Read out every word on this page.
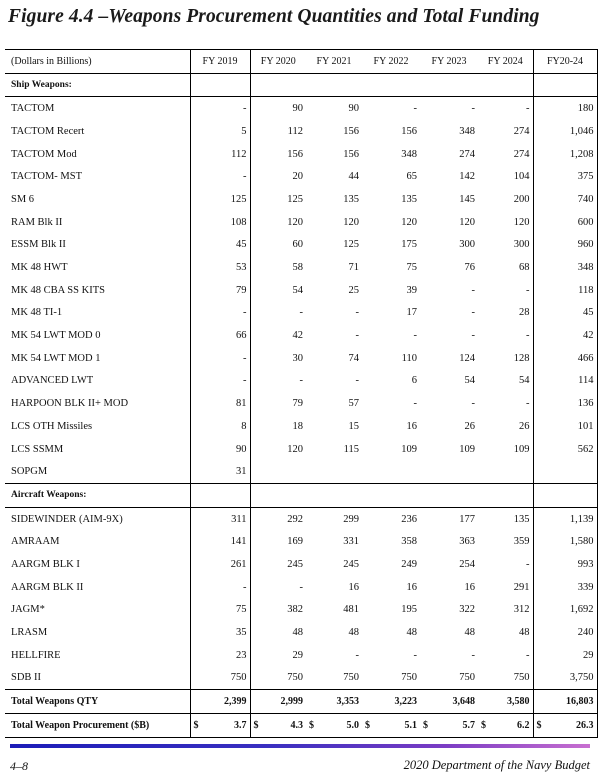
Figure 4.4 –Weapons Procurement Quantities and Total Funding
(Dollars in Billions)	FY 2019	FY 2020	FY 2021	FY 2022	FY 2023	FY 2024	FY20-24
Ship Weapons:							
TACTOM	-	90	90	-	-	-	180
TACTOM Recert	5	112	156	156	348	274	1,046
TACTOM Mod	112	156	156	348	274	274	1,208
TACTOM- MST	-	20	44	65	142	104	375
SM 6	125	125	135	135	145	200	740
RAM Blk II	108	120	120	120	120	120	600
ESSM Blk II	45	60	125	175	300	300	960
MK 48 HWT	53	58	71	75	76	68	348
MK 48 CBA SS KITS	79	54	25	39	-	-	118
MK 48 TI-1	-	-	-	17	-	28	45
MK 54 LWT MOD 0	66	42	-	-	-	-	42
MK 54 LWT MOD 1	-	30	74	110	124	128	466
ADVANCED LWT	-	-	-	6	54	54	114
HARPOON BLK II+ MOD	81	79	57	-	-	-	136
LCS OTH Missiles	8	18	15	16	26	26	101
LCS SSMM	90	120	115	109	109	109	562
SOPGM	31						
Aircraft Weapons:							
SIDEWINDER (AIM-9X)	311	292	299	236	177	135	1,139
AMRAAM	141	169	331	358	363	359	1,580
AARGM BLK I	261	245	245	249	254	-	993
AARGM BLK II	-	-	16	16	16	291	339
JAGM*	75	382	481	195	322	312	1,692
LRASM	35	48	48	48	48	48	240
HELLFIRE	23	29	-	-	-	-	29
SDB II	750	750	750	750	750	750	3,750
Total Weapons QTY	2,399	2,999	3,353	3,223	3,648	3,580	16,803
Total Weapon Procurement ($B)	$ 3.7	$ 4.3	$ 5.0	$ 5.1	$ 5.7	$ 6.2	$ 26.3
4–8	2020 Department of the Navy Budget
